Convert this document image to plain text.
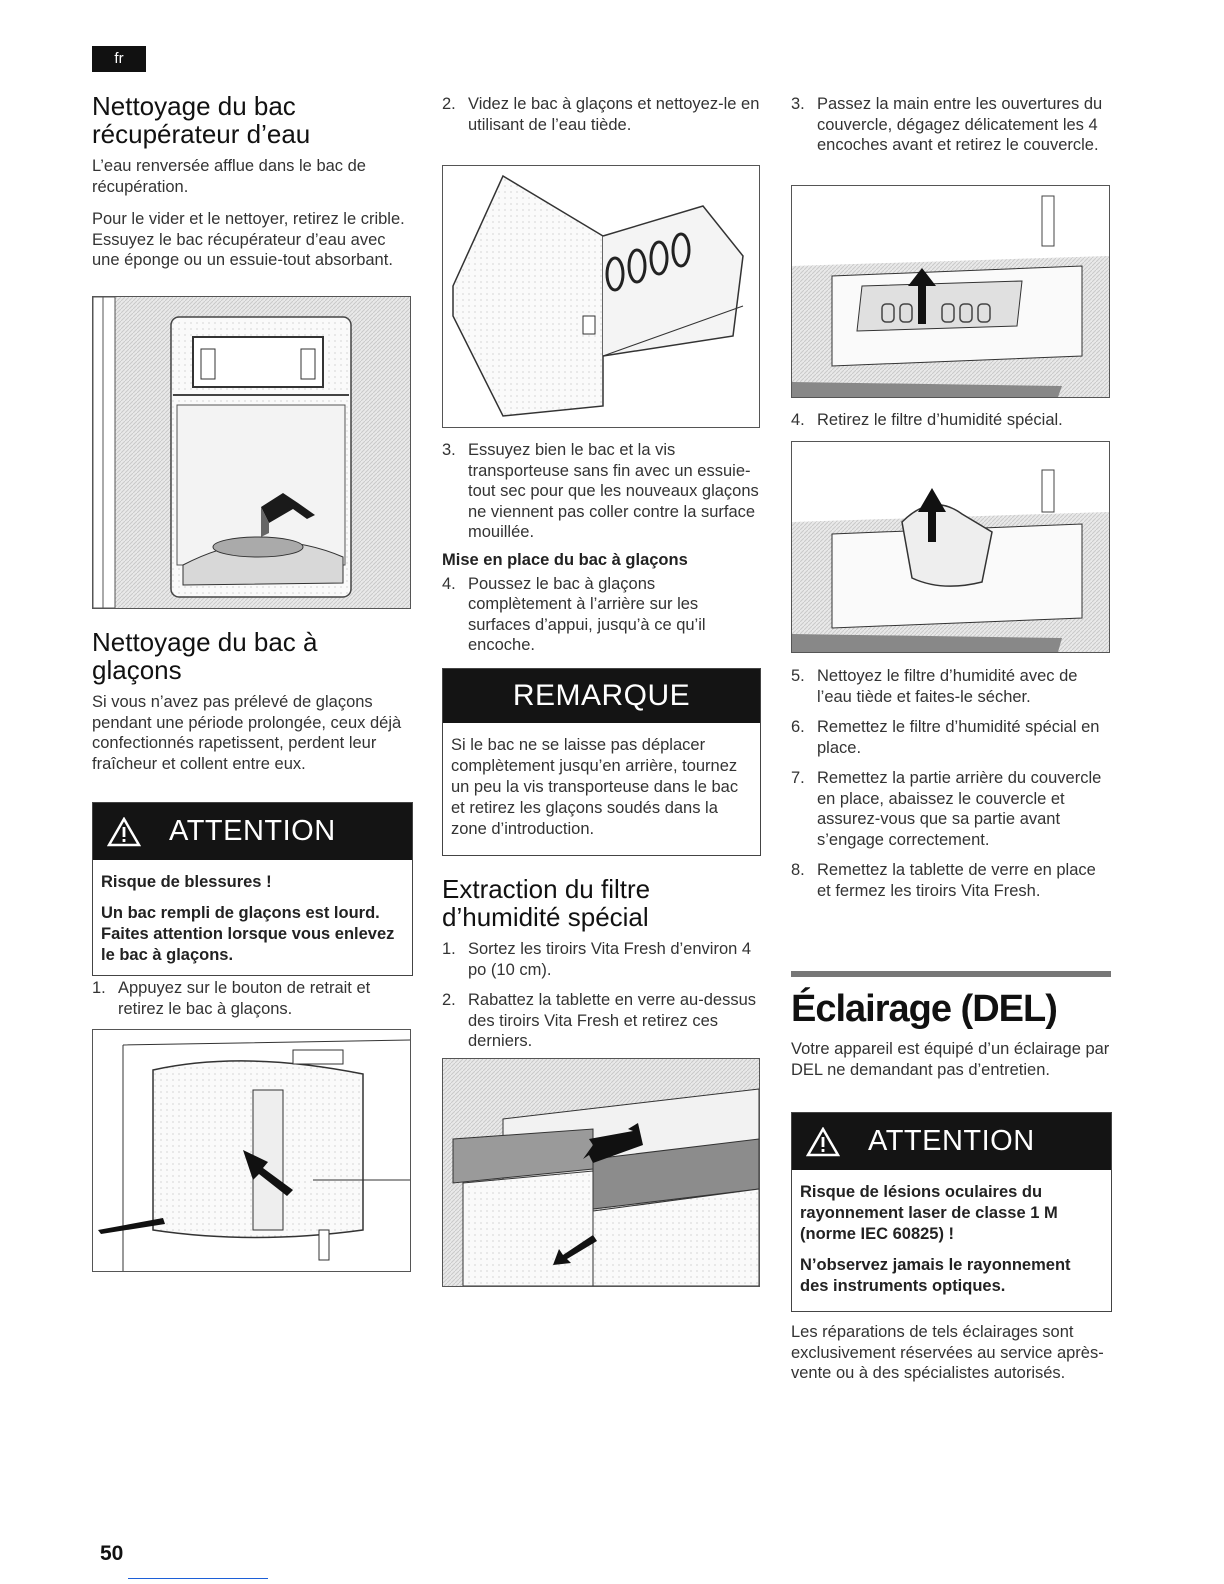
fr
Nettoyage du bac récupérateur d’eau

L’eau renversée afflue dans le bac de récupération.

Pour le vider et le nettoyer, retirez le crible. Essuyez le bac récupérateur d’eau avec une éponge ou un essuie-tout absorbant.

Nettoyage du bac à glaçons

Si vous n’avez pas prélevé de glaçons pendant une période prolongée, ceux déjà confectionnés rapetissent, perdent leur fraîcheur et collent entre eux.

ATTENTION

Risque de blessures !

Un bac rempli de glaçons est lourd. Faites attention lorsque vous enlevez le bac à glaçons.

1. Appuyez sur le bouton de retrait et retirez le bac à glaçons.
2. Videz le bac à glaçons et nettoyez-le en utilisant de l’eau tiède.
3. Essuyez bien le bac et la vis transporteuse sans fin avec un essuie-tout sec pour que les nouveaux glaçons ne viennent pas coller contre la surface mouillée.
Mise en place du bac à glaçons
4. Poussez le bac à glaçons complètement à l’arrière sur les surfaces d’appui, jusqu’à ce qu’il encoche.
REMARQUE

Si le bac ne se laisse pas déplacer complètement jusqu’en arrière, tournez un peu la vis transporteuse dans le bac et retirez les glaçons soudés dans la zone d’introduction.

Extraction du filtre d’humidité spécial
1. Sortez les tiroirs Vita Fresh d’environ 4 po (10 cm).
2. Rabattez la tablette en verre au-dessus des tiroirs Vita Fresh et retirez ces derniers.
3. Passez la main entre les ouvertures du couvercle, dégagez délicatement les 4 encoches avant et retirez le couvercle.
4. Retirez le filtre d’humidité spécial.
5. Nettoyez le filtre d’humidité avec de l’eau tiède et faites-le sécher.
6. Remettez le filtre d’humidité spécial en place.
7. Remettez la partie arrière du couvercle en place, abaissez le couvercle et assurez-vous que sa partie avant s’engage correctement.
8. Remettez la tablette de verre en place et fermez les tiroirs Vita Fresh.
Éclairage (DEL)

Votre appareil est équipé d’un éclairage par DEL ne demandant pas d’entretien.

ATTENTION

Risque de lésions oculaires du rayonnement laser de classe 1 M (norme IEC 60825) !

N’observez jamais le rayonnement des instruments optiques.

Les réparations de tels éclairages sont exclusivement réservées au service après-vente ou à des spécialistes autorisés.

50
